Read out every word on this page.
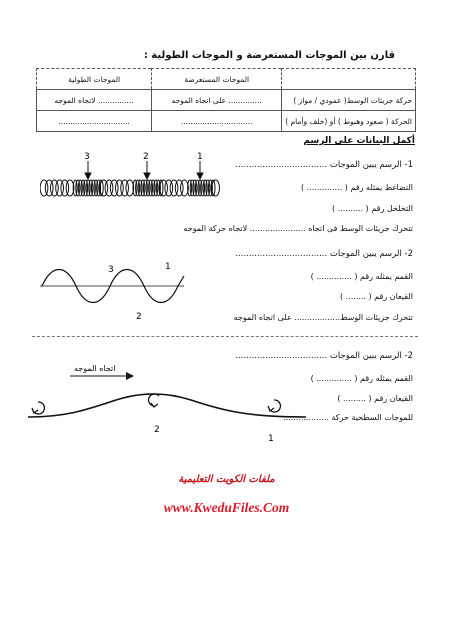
قارن بين الموجات المستعرضة و الموجات الطولية :
	الموجات المستعرضة	الموجات الطولية
حركة جزيئات الوسط( عمودي / مواز )	.............. على اتجاه الموجه	............... لاتجاه الموجه
الحركة ( صعود وهبوط ) أو (خلف وأمام )	..............................	..............................
أكمل البيانات على الرسم
3	2	1
1- الرسم يبين الموجات ..................................
التضاغط يمثله رقم ( .............. )
التخلخل رقم ( .......... )
تتحرك جزيئات الوسط فى اتجاه ...................... لاتجاه حركة الموجه
3	1
2
2- الرسم يبين الموجات ..................................
القمم يمثله رقم ( .............. )
القيعان رقم ( ........ )
تتحرك جزيئات الوسط.................. على اتجاه الموجه
اتجاه الموجه
2
1
2- الرسم يبين الموجات ..................................
القمم يمثله رقم ( .............. )
القيعان رقم ( ......... )
للموجات السطحية حركة ..................
ملفات الكويت التعليمية
www.KweduFiles.Com
